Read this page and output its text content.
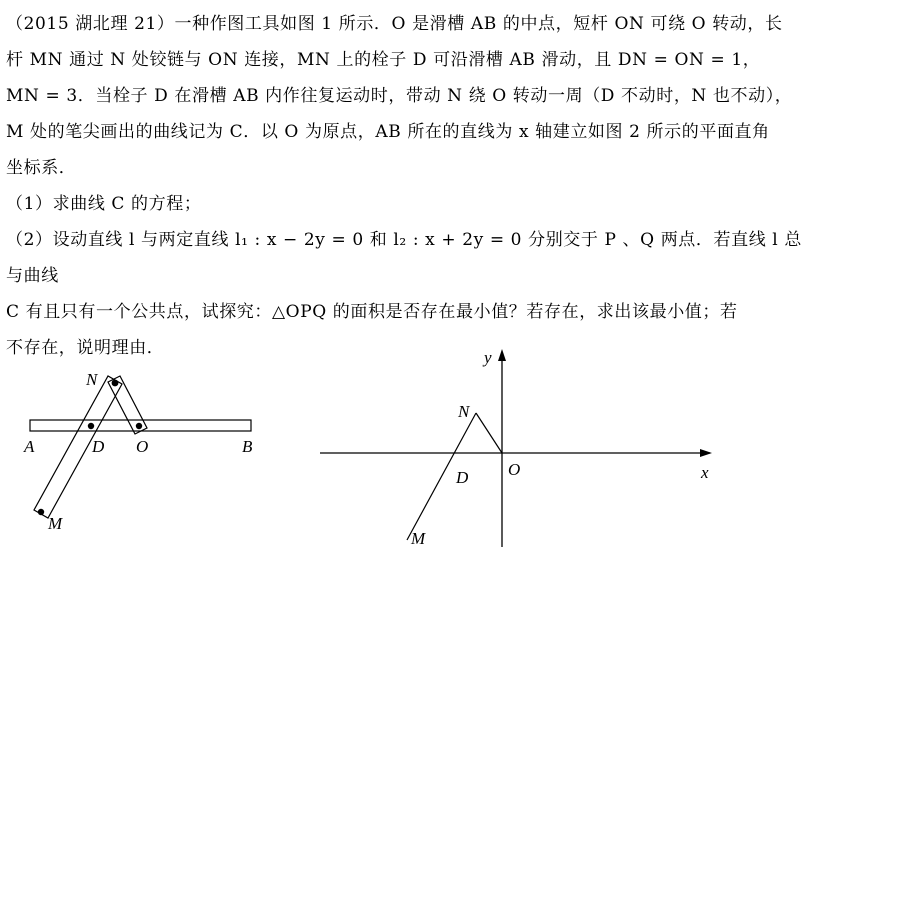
（2015 湖北理 21）一种作图工具如图 1 所示．O 是滑槽 AB 的中点，短杆 ON 可绕 O 转动，长

杆 MN 通过 N 处铰链与 ON 连接，MN 上的栓子 D 可沿滑槽 AB 滑动，且 DN = ON = 1，

MN = 3．当栓子 D 在滑槽 AB 内作往复运动时，带动 N 绕 O 转动一周（D 不动时，N 也不动），

M 处的笔尖画出的曲线记为 C．以 O 为原点，AB 所在的直线为 x 轴建立如图 2 所示的平面直角

坐标系．

（1）求曲线 C 的方程；

（2）设动直线 l 与两定直线 l₁ : x − 2y = 0 和 l₂ : x + 2y = 0 分别交于 P 、Q 两点．若直线 l 总与曲线

C 有且只有一个公共点，试探究：△OPQ 的面积是否存在最小值？若存在，求出该最小值；若

不存在，说明理由．

N
A	D O	B
M
y
x
N
D O
M
